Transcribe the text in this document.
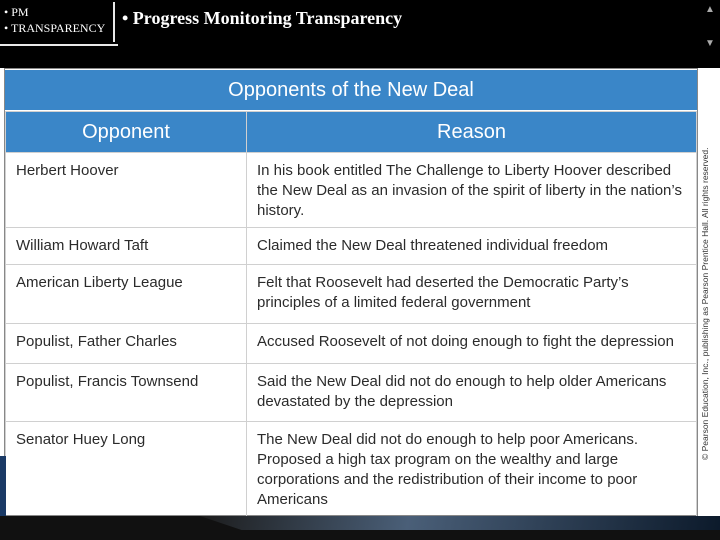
• PM
• TRANSPARENCY • Progress Monitoring Transparency	▲
▼
Opponents of the New Deal
Opponent	Reason
Herbert Hoover	In his book entitled The Challenge to Liberty Hoover described the New Deal as an invasion of the spirit of liberty in the nation’s history.
William Howard Taft	Claimed the New Deal threatened individual freedom
American Liberty League	Felt that Roosevelt had deserted the Democratic Party’s principles of a limited federal government
Populist, Father Charles	Accused Roosevelt of not doing enough to fight the depression
Populist, Francis Townsend	Said the New Deal did not do enough to help older Americans devastated by the depression
Senator Huey Long	The New Deal did not do enough to help poor Americans. Proposed a high tax program on the wealthy and large corporations and the redistribution of their income to poor Americans
© Pearson Education, Inc., publishing as Pearson Prentice Hall. All rights reserved.
